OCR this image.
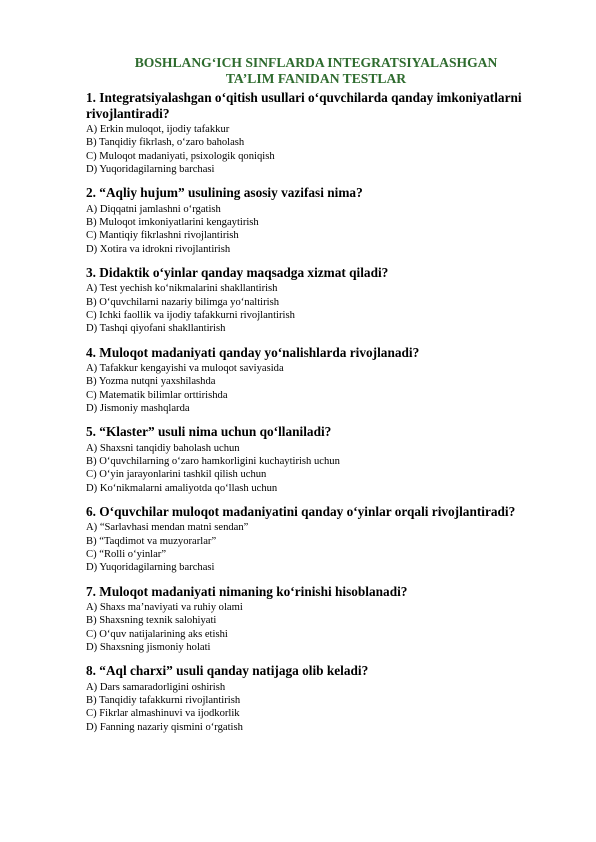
BOSHLANG‘ICH SINFLARDA INTEGRATSIYALASHGAN
TA’LIM FANIDAN TESTLAR
1. Integratsiyalashgan o‘qitish usullari o‘quvchilarda qanday imkoniyatlarni rivojlantiradi?
A) Erkin muloqot, ijodiy tafakkur
B) Tanqidiy fikrlash, o‘zaro baholash
C) Muloqot madaniyati, psixologik qoniqish
D) Yuqoridagilarning barchasi
2. “Aqliy hujum” usulining asosiy vazifasi nima?
A) Diqqatni jamlashni o‘rgatish
B) Muloqot imkoniyatlarini kengaytirish
C) Mantiqiy fikrlashni rivojlantirish
D) Xotira va idrokni rivojlantirish
3. Didaktik o‘yinlar qanday maqsadga xizmat qiladi?
A) Test yechish ko‘nikmalarini shakllantirish
B) O‘quvchilarni nazariy bilimga yo‘naltirish
C) Ichki faollik va ijodiy tafakkurni rivojlantirish
D) Tashqi qiyofani shakllantirish
4. Muloqot madaniyati qanday yo‘nalishlarda rivojlanadi?
A) Tafakkur kengayishi va muloqot saviyasida
B) Yozma nutqni yaxshilashda
C) Matematik bilimlar orttirishda
D) Jismoniy mashqlarda
5. “Klaster” usuli nima uchun qo‘llaniladi?
A) Shaxsni tanqidiy baholash uchun
B) O‘quvchilarning o‘zaro hamkorligini kuchaytirish uchun
C) O‘yin jarayonlarini tashkil qilish uchun
D) Ko‘nikmalarni amaliyotda qo‘llash uchun
6. O‘quvchilar muloqot madaniyatini qanday o‘yinlar orqali rivojlantiradi?
A) “Sarlavhasi mendan matni sendan”
B) “Taqdimot va muzyorarlar”
C) “Rolli o‘yinlar”
D) Yuqoridagilarning barchasi
7. Muloqot madaniyati nimaning ko‘rinishi hisoblanadi?
A) Shaxs ma’naviyati va ruhiy olami
B) Shaxsning texnik salohiyati
C) O‘quv natijalarining aks etishi
D) Shaxsning jismoniy holati
8. “Aql charxi” usuli qanday natijaga olib keladi?
A) Dars samaradorligini oshirish
B) Tanqidiy tafakkurni rivojlantirish
C) Fikrlar almashinuvi va ijodkorlik
D) Fanning nazariy qismini o‘rgatish
